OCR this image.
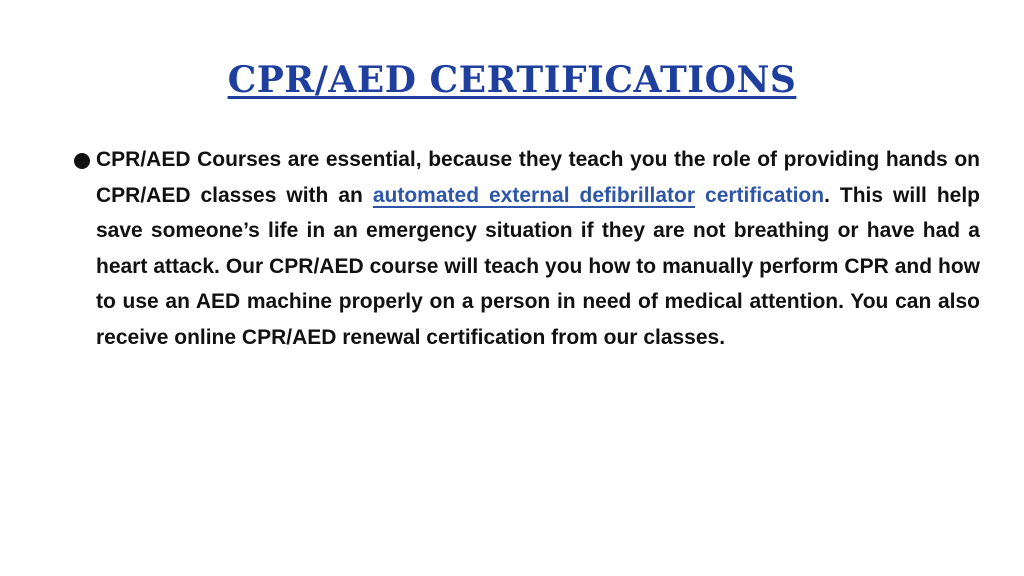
CPR/AED CERTIFICATIONS

CPR/AED Courses are essential, because they teach you the role of providing hands on CPR/AED classes with an automated external defibrillator certification. This will help save someone’s life in an emergency situation if they are not breathing or have had a heart attack. Our CPR/AED course will teach you how to manually perform CPR and how to use an AED machine properly on a person in need of medical attention. You can also receive online CPR/AED renewal certification from our classes.
